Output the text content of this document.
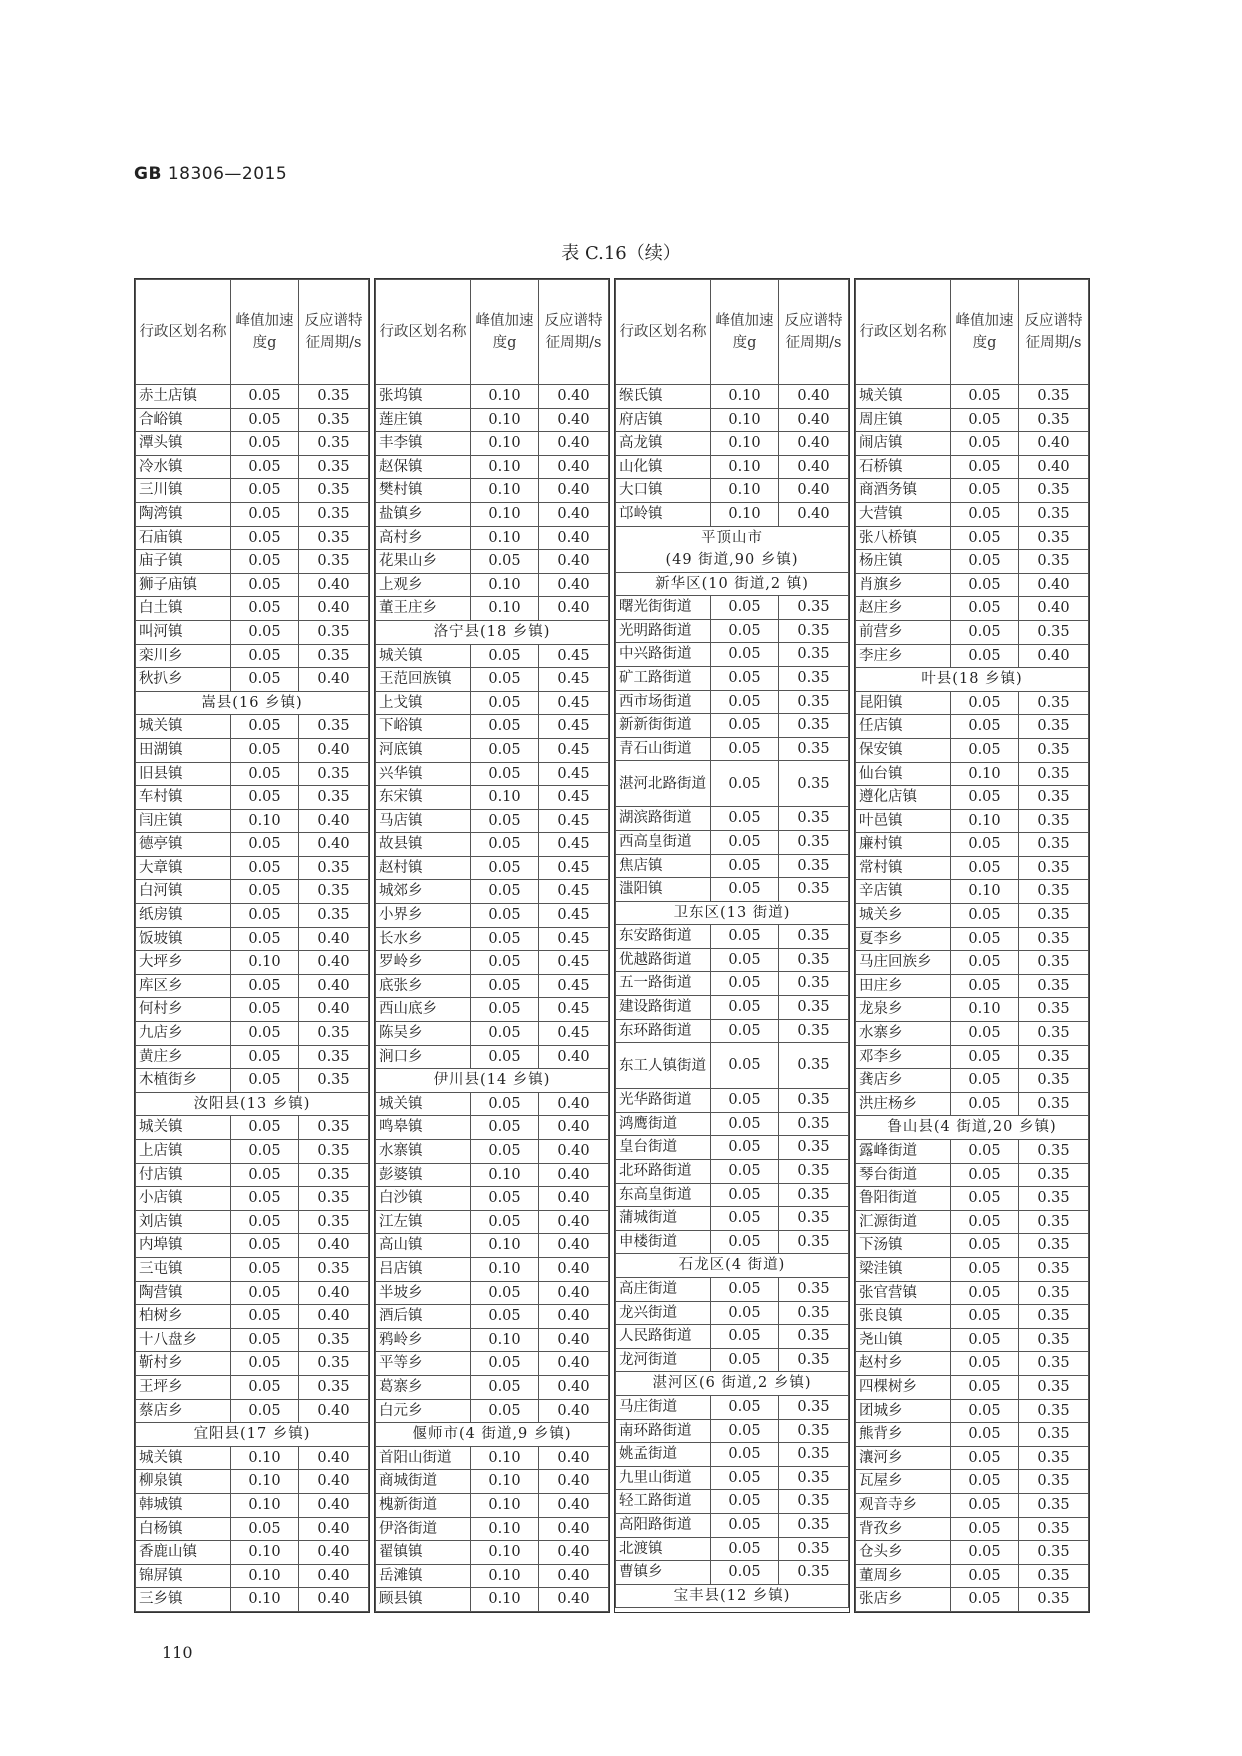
GB 18306—2015
表 C.16（续）
行政区划名称	峰值加速度g	反应谱特征周期/s
赤土店镇	0.05	0.35
合峪镇	0.05	0.35
潭头镇	0.05	0.35
冷水镇	0.05	0.35
三川镇	0.05	0.35
陶湾镇	0.05	0.35
石庙镇	0.05	0.35
庙子镇	0.05	0.35
狮子庙镇	0.05	0.40
白土镇	0.05	0.40
叫河镇	0.05	0.35
栾川乡	0.05	0.35
秋扒乡	0.05	0.40
嵩县(16 乡镇)		
城关镇	0.05	0.35
田湖镇	0.05	0.40
旧县镇	0.05	0.35
车村镇	0.05	0.35
闫庄镇	0.10	0.40
德亭镇	0.05	0.40
大章镇	0.05	0.35
白河镇	0.05	0.35
纸房镇	0.05	0.35
饭坡镇	0.05	0.40
大坪乡	0.10	0.40
库区乡	0.05	0.40
何村乡	0.05	0.40
九店乡	0.05	0.35
黄庄乡	0.05	0.35
木植街乡	0.05	0.35
汝阳县(13 乡镇)		
城关镇	0.05	0.35
上店镇	0.05	0.35
付店镇	0.05	0.35
小店镇	0.05	0.35
刘店镇	0.05	0.35
内埠镇	0.05	0.40
三屯镇	0.05	0.35
陶营镇	0.05	0.40
柏树乡	0.05	0.40
十八盘乡	0.05	0.35
靳村乡	0.05	0.35
王坪乡	0.05	0.35
蔡店乡	0.05	0.40
宜阳县(17 乡镇)		
城关镇	0.10	0.40
柳泉镇	0.10	0.40
韩城镇	0.10	0.40
白杨镇	0.05	0.40
香鹿山镇	0.10	0.40
锦屏镇	0.10	0.40
三乡镇	0.10	0.40
行政区划名称	峰值加速度g	反应谱特征周期/s
张坞镇	0.10	0.40
莲庄镇	0.10	0.40
丰李镇	0.10	0.40
赵保镇	0.10	0.40
樊村镇	0.10	0.40
盐镇乡	0.10	0.40
高村乡	0.10	0.40
花果山乡	0.05	0.40
上观乡	0.10	0.40
董王庄乡	0.10	0.40
洛宁县(18 乡镇)		
城关镇	0.05	0.45
王范回族镇	0.05	0.45
上戈镇	0.05	0.45
下峪镇	0.05	0.45
河底镇	0.05	0.45
兴华镇	0.05	0.45
东宋镇	0.10	0.45
马店镇	0.05	0.45
故县镇	0.05	0.45
赵村镇	0.05	0.45
城郊乡	0.05	0.45
小界乡	0.05	0.45
长水乡	0.05	0.45
罗岭乡	0.05	0.45
底张乡	0.05	0.45
西山底乡	0.05	0.45
陈吴乡	0.05	0.45
涧口乡	0.05	0.40
伊川县(14 乡镇)		
城关镇	0.05	0.40
鸣皋镇	0.05	0.40
水寨镇	0.05	0.40
彭婆镇	0.10	0.40
白沙镇	0.05	0.40
江左镇	0.05	0.40
高山镇	0.10	0.40
吕店镇	0.10	0.40
半坡乡	0.05	0.40
酒后镇	0.05	0.40
鸦岭乡	0.10	0.40
平等乡	0.05	0.40
葛寨乡	0.05	0.40
白元乡	0.05	0.40
偃师市(4 街道,9 乡镇)		
首阳山街道	0.10	0.40
商城街道	0.10	0.40
槐新街道	0.10	0.40
伊洛街道	0.10	0.40
翟镇镇	0.10	0.40
岳滩镇	0.10	0.40
顾县镇	0.10	0.40
行政区划名称	峰值加速度g	反应谱特征周期/s
缑氏镇	0.10	0.40
府店镇	0.10	0.40
高龙镇	0.10	0.40
山化镇	0.10	0.40
大口镇	0.10	0.40
邙岭镇	0.10	0.40

平顶山市
(49 街道,90 乡镇)		

新华区(10 街道,2 镇)		
曙光街街道	0.05	0.35
光明路街道	0.05	0.35
中兴路街道	0.05	0.35
矿工路街道	0.05	0.35
西市场街道	0.05	0.35
新新街街道	0.05	0.35
青石山街道	0.05	0.35
湛河北路街道	0.05	0.35
湖滨路街道	0.05	0.35
西高皇街道	0.05	0.35
焦店镇	0.05	0.35
滍阳镇	0.05	0.35
卫东区(13 街道)		
东安路街道	0.05	0.35
优越路街道	0.05	0.35
五一路街道	0.05	0.35
建设路街道	0.05	0.35
东环路街道	0.05	0.35
东工人镇街道	0.05	0.35
光华路街道	0.05	0.35
鸿鹰街道	0.05	0.35
皇台街道	0.05	0.35
北环路街道	0.05	0.35
东高皇街道	0.05	0.35
蒲城街道	0.05	0.35
申楼街道	0.05	0.35
石龙区(4 街道)		
高庄街道	0.05	0.35
龙兴街道	0.05	0.35
人民路街道	0.05	0.35
龙河街道	0.05	0.35
湛河区(6 街道,2 乡镇)		
马庄街道	0.05	0.35
南环路街道	0.05	0.35
姚孟街道	0.05	0.35
九里山街道	0.05	0.35
轻工路街道	0.05	0.35
高阳路街道	0.05	0.35
北渡镇	0.05	0.35
曹镇乡	0.05	0.35
宝丰县(12 乡镇)		
行政区划名称	峰值加速度g	反应谱特征周期/s
城关镇	0.05	0.35
周庄镇	0.05	0.35
闹店镇	0.05	0.40
石桥镇	0.05	0.40
商酒务镇	0.05	0.35
大营镇	0.05	0.35
张八桥镇	0.05	0.35
杨庄镇	0.05	0.35
肖旗乡	0.05	0.40
赵庄乡	0.05	0.40
前营乡	0.05	0.35
李庄乡	0.05	0.40
叶县(18 乡镇)		
昆阳镇	0.05	0.35
任店镇	0.05	0.35
保安镇	0.05	0.35
仙台镇	0.10	0.35
遵化店镇	0.05	0.35
叶邑镇	0.10	0.35
廉村镇	0.05	0.35
常村镇	0.05	0.35
辛店镇	0.10	0.35
城关乡	0.05	0.35
夏李乡	0.05	0.35
马庄回族乡	0.05	0.35
田庄乡	0.05	0.35
龙泉乡	0.10	0.35
水寨乡	0.05	0.35
邓李乡	0.05	0.35
龚店乡	0.05	0.35
洪庄杨乡	0.05	0.35
鲁山县(4 街道,20 乡镇)		
露峰街道	0.05	0.35
琴台街道	0.05	0.35
鲁阳街道	0.05	0.35
汇源街道	0.05	0.35
下汤镇	0.05	0.35
梁洼镇	0.05	0.35
张官营镇	0.05	0.35
张良镇	0.05	0.35
尧山镇	0.05	0.35
赵村乡	0.05	0.35
四棵树乡	0.05	0.35
团城乡	0.05	0.35
熊背乡	0.05	0.35
瀼河乡	0.05	0.35
瓦屋乡	0.05	0.35
观音寺乡	0.05	0.35
背孜乡	0.05	0.35
仓头乡	0.05	0.35
董周乡	0.05	0.35
张店乡	0.05	0.35
110
